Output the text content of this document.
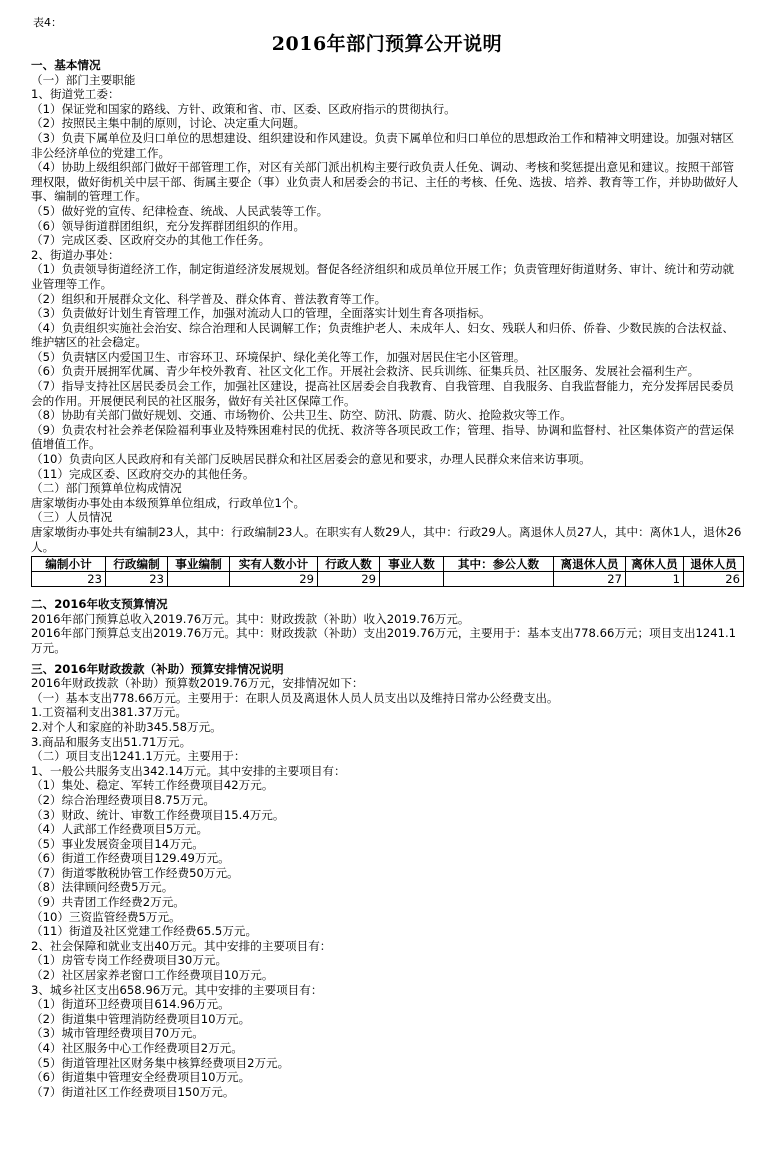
表4：
2016年部门预算公开说明
一、基本情况
（一）部门主要职能
1、街道党工委：
（1）保证党和国家的路线、方针、政策和省、市、区委、区政府指示的贯彻执行。
（2）按照民主集中制的原则，讨论、决定重大问题。
（3）负责下属单位及归口单位的思想建设、组织建设和作风建设。负责下属单位和归口单位的思想政治工作和精神文明建设。加强对辖区非公经济单位的党建工作。
（4）协助上级组织部门做好干部管理工作，对区有关部门派出机构主要行政负责人任免、调动、考核和奖惩提出意见和建议。按照干部管理权限，做好街机关中层干部、街属主要企（事）业负责人和居委会的书记、主任的考核、任免、选拔、培养、教育等工作，并协助做好人事、编制的管理工作。
（5）做好党的宣传、纪律检查、统战、人民武装等工作。
（6）领导街道群团组织，充分发挥群团组织的作用。
（7）完成区委、区政府交办的其他工作任务。
2、街道办事处：
（1）负责领导街道经济工作，制定街道经济发展规划。督促各经济组织和成员单位开展工作；负责管理好街道财务、审计、统计和劳动就业管理等工作。
（2）组织和开展群众文化、科学普及、群众体育、普法教育等工作。
（3）负责做好计划生育管理工作，加强对流动人口的管理，全面落实计划生育各项指标。
（4）负责组织实施社会治安、综合治理和人民调解工作；负责维护老人、未成年人、妇女、残联人和归侨、侨眷、少数民族的合法权益、维护辖区的社会稳定。
（5）负责辖区内爱国卫生、市容环卫、环境保护、绿化美化等工作，加强对居民住宅小区管理。
（6）负责开展拥军优属、青少年校外教育、社区文化工作。开展社会救济、民兵训练、征集兵员、社区服务、发展社会福利生产。
（7）指导支持社区居民委员会工作，加强社区建设，提高社区居委会自我教育、自我管理、自我服务、自我监督能力，充分发挥居民委员会的作用。开展便民利民的社区服务，做好有关社区保障工作。
（8）协助有关部门做好规划、交通、市场物价、公共卫生、防空、防汛、防震、防火、抢险救灾等工作。
（9）负责农村社会养老保险福利事业及特殊困难村民的优抚、救济等各项民政工作；管理、指导、协调和监督村、社区集体资产的营运保值增值工作。
（10）负责向区人民政府和有关部门反映居民群众和社区居委会的意见和要求，办理人民群众来信来访事项。
（11）完成区委、区政府交办的其他任务。
（二）部门预算单位构成情况
唐家墩街办事处由本级预算单位组成，行政单位1个。
（三）人员情况
唐家墩街办事处共有编制23人，其中：行政编制23人。在职实有人数29人，其中：行政29人。离退休人员27人，其中：离休1人，退休26人。
编制小计	行政编制	事业编制	实有人数小计	行政人数	事业人数	其中：参公人数	离退休人员	离休人员	退休人员
23	23		29	29			27	1	26
二、2016年收支预算情况
2016年部门预算总收入2019.76万元。其中：财政拨款（补助）收入2019.76万元。
2016年部门预算总支出2019.76万元。其中：财政拨款（补助）支出2019.76万元，主要用于：基本支出778.66万元；项目支出1241.1万元。
三、2016年财政拨款（补助）预算安排情况说明
2016年财政拨款（补助）预算数2019.76万元，安排情况如下：
（一）基本支出778.66万元。主要用于：在职人员及离退休人员人员支出以及维持日常办公经费支出。
1.工资福利支出381.37万元。
2.对个人和家庭的补助345.58万元。
3.商品和服务支出51.71万元。
（二）项目支出1241.1万元。主要用于：
1、一般公共服务支出342.14万元。其中安排的主要项目有：
（1）集处、稳定、军转工作经费项目42万元。
（2）综合治理经费项目8.75万元。
（3）财政、统计、审数工作经费项目15.4万元。
（4）人武部工作经费项目5万元。
（5）事业发展资金项目14万元。
（6）街道工作经费项目129.49万元。
（7）街道零散税协管工作经费50万元。
（8）法律顾问经费5万元。
（9）共青团工作经费2万元。
（10）三资监管经费5万元。
（11）街道及社区党建工作经费65.5万元。
2、社会保障和就业支出40万元。其中安排的主要项目有：
（1）房管专岗工作经费项目30万元。
（2）社区居家养老窗口工作经费项目10万元。
3、城乡社区支出658.96万元。其中安排的主要项目有：
（1）街道环卫经费项目614.96万元。
（2）街道集中管理消防经费项目10万元。
（3）城市管理经费项目70万元。
（4）社区服务中心工作经费项目2万元。
（5）街道管理社区财务集中核算经费项目2万元。
（6）街道集中管理安全经费项目10万元。
（7）街道社区工作经费项目150万元。
